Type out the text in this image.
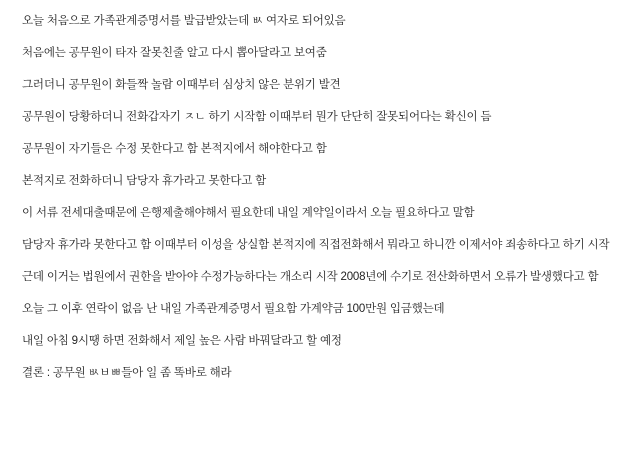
오늘 처음으로 가족관계증명서를 발급받았는데 ㅄ 여자로 되어있음

처음에는 공무원이 타자 잘못친줄 알고 다시 뽑아달라고 보여줌

그러더니 공무원이 화들짝 놀람 이때부터 심상치 않은 분위기 발견

공무원이 당황하더니 전화갑자기 ㅈㄴ 하기 시작함 이때부터 뭔가 단단히 잘못되어다는 확신이 듬

공무원이 자기들은 수정 못한다고 함 본적지에서 해야한다고 함

본적지로 전화하더니 담당자 휴가라고 못한다고 함

이 서류 전세대출때문에 은행제출해야해서 필요한데 내일 계약일이라서 오늘 필요하다고 말함

담당자 휴가라 못한다고 함 이때부터 이성을 상실함 본적지에 직접전화해서 뭐라고 하니깐 이제서야 죄송하다고 하기 시작

근데 이거는 법원에서 권한을 받아야 수정가능하다는 개소리 시작 2008년에 수기로 전산화하면서 오류가 발생했다고 함

오늘 그 이후 연락이 없음 난 내일 가족관계증명서 필요함 가계약금 100만원 입금했는데

내일 아침 9시땡 하면 전화해서 제일 높은 사람 바꿔달라고 할 예정

결론 : 공무원 ㅄㅂㅃ들아 일 좀 똑바로 해라
